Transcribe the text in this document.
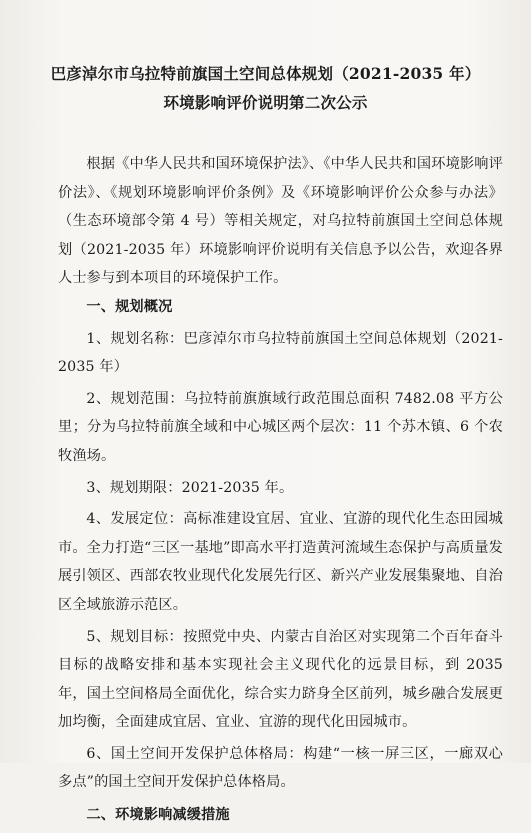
巴彦淖尔市乌拉特前旗国土空间总体规划（2021-2035 年）
环境影响评价说明第二次公示

根据《中华人民共和国环境保护法》、《中华人民共和国环境影响评价法》、《规划环境影响评价条例》及《环境影响评价公众参与办法》（生态环境部令第 4 号）等相关规定，对乌拉特前旗国土空间总体规划（2021-2035 年）环境影响评价说明有关信息予以公告，欢迎各界人士参与到本项目的环境保护工作。

一、规划概况

1、规划名称：巴彦淖尔市乌拉特前旗国土空间总体规划（2021-2035 年）

2、规划范围：乌拉特前旗旗域行政范围总面积 7482.08 平方公里；分为乌拉特前旗全域和中心城区两个层次：11 个苏木镇、6 个农牧渔场。

3、规划期限：2021-2035 年。

4、发展定位：高标准建设宜居、宜业、宜游的现代化生态田园城市。全力打造“三区一基地”即高水平打造黄河流域生态保护与高质量发展引领区、西部农牧业现代化发展先行区、新兴产业发展集聚地、自治区全域旅游示范区。

5、规划目标：按照党中央、内蒙古自治区对实现第二个百年奋斗目标的战略安排和基本实现社会主义现代化的远景目标，到 2035 年，国土空间格局全面优化，综合实力跻身全区前列，城乡融合发展更加均衡，全面建成宜居、宜业、宜游的现代化田园城市。

6、国土空间开发保护总体格局：构建“一核一屏三区，一廊双心多点”的国土空间开发保护总体格局。

二、环境影响减缓措施
